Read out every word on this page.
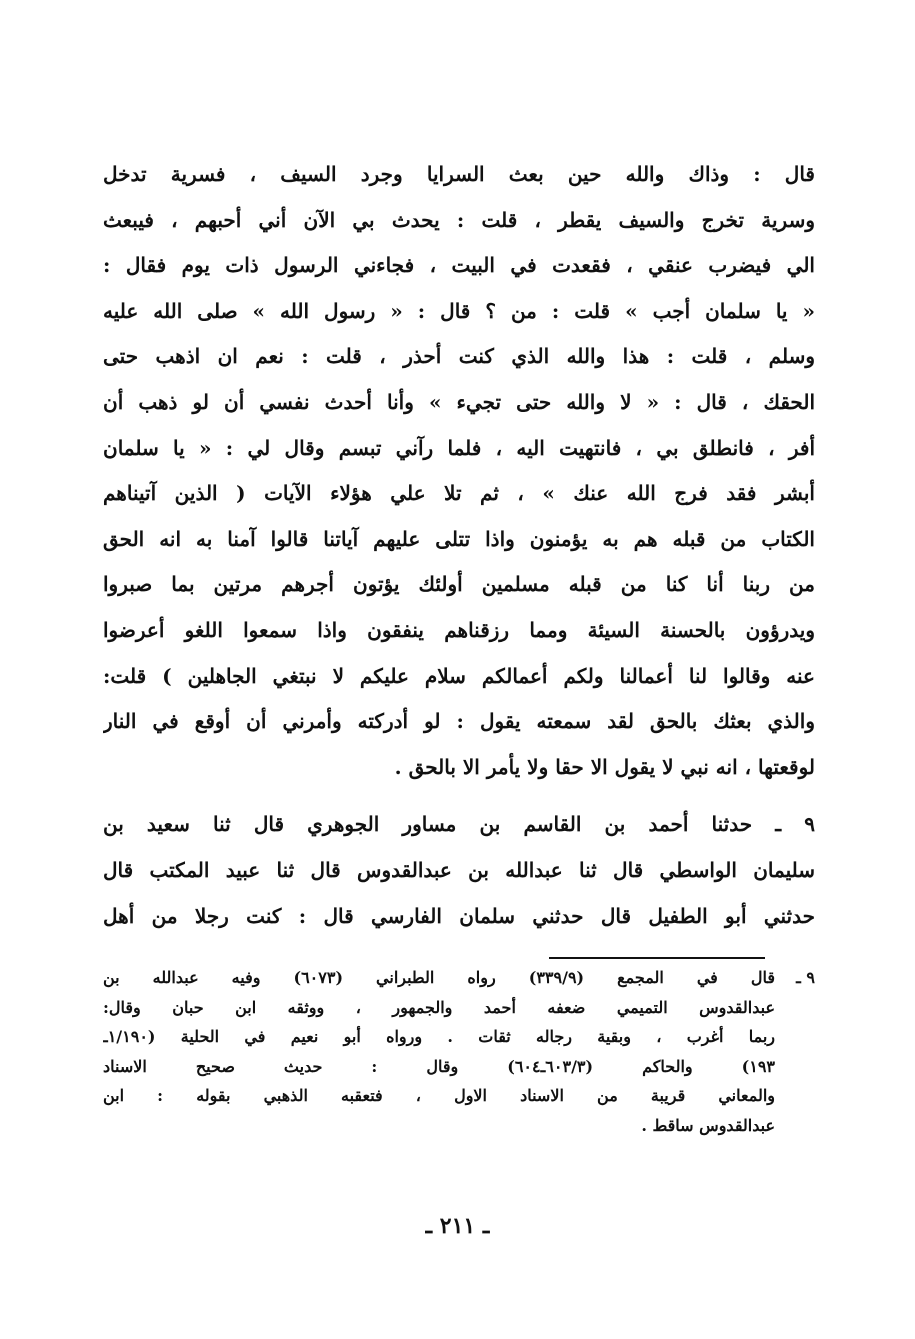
قال : وذاك والله حين بعث السرايا وجرد السيف ، فسرية تدخل
وسرية تخرج والسيف يقطر ، قلت : يحدث بي الآن أني أحبهم ، فيبعث
الي فيضرب عنقي ، فقعدت في البيت ، فجاءني الرسول ذات يوم فقال :
« يا سلمان أجب » قلت : من ؟ قال : « رسول الله » صلى الله عليه
وسلم ، قلت : هذا والله الذي كنت أحذر ، قلت : نعم ان اذهب حتى
الحقك ، قال : « لا والله حتى تجيء » وأنا أحدث نفسي أن لو ذهب أن
أفر ، فانطلق بي ، فانتهيت اليه ، فلما رآني تبسم وقال لي : « يا سلمان
أبشر فقد فرج الله عنك » ، ثم تلا علي هؤلاء الآيات ( الذين آتيناهم
الكتاب من قبله هم به يؤمنون واذا تتلى عليهم آياتنا قالوا آمنا به انه الحق
من ربنا أنا كنا من قبله مسلمين أولئك يؤتون أجرهم مرتين بما صبروا
ويدرؤون بالحسنة السيئة ومما رزقناهم ينفقون واذا سمعوا اللغو أعرضوا
عنه وقالوا لنا أعمالنا ولكم أعمالكم سلام عليكم لا نبتغي الجاهلين ) قلت:
والذي بعثك بالحق لقد سمعته يقول : لو أدركته وأمرني أن أوقع في النار
لوقعتها ، انه نبي لا يقول الا حقا ولا يأمر الا بالحق .
٩ ـ حدثنا أحمد بن القاسم بن مساور الجوهري قال ثنا سعيد بن
سليمان الواسطي قال ثنا عبدالله بن عبدالقدوس قال ثنا عبيد المكتب قال
حدثني أبو الطفيل قال حدثني سلمان الفارسي قال : كنت رجلا من أهل
٩ ـ
قال في المجمع (٣٣٩/٩) رواه الطبراني (٦٠٧٣) وفيه عبدالله بن
عبدالقدوس التميمي ضعفه أحمد والجمهور ، ووثقه ابن حبان وقال:
ربما أغرب ، وبقية رجاله ثقات . ورواه أبو نعيم في الحلية (١/١٩٠ـ
١٩٣) والحاكم (٦٠٣/٣ـ٦٠٤) وقال : حديث صحيح الاسناد
والمعاني قريبة من الاسناد الاول ، فتعقبه الذهبي بقوله : ابن
عبدالقدوس ساقط .
ـ ٢١١ ـ
